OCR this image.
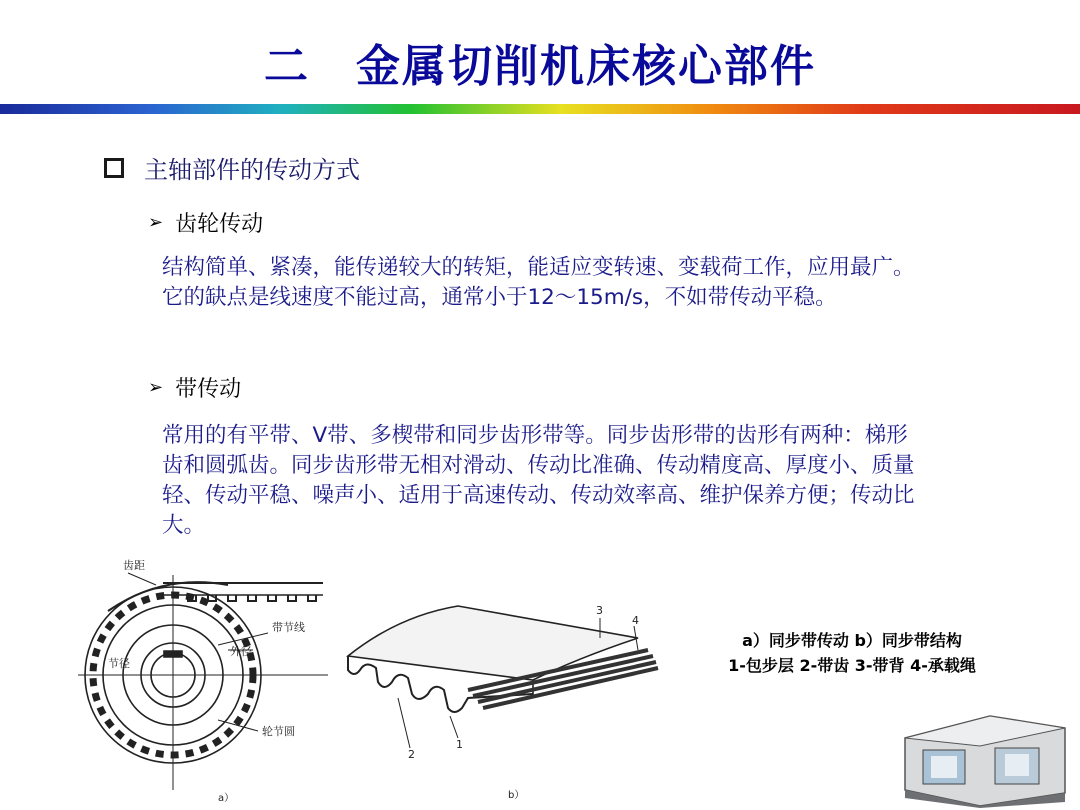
二　金属切削机床核心部件
主轴部件的传动方式
➢ 齿轮传动
结构简单、紧凑，能传递较大的转矩，能适应变转速、变载荷工作，应用最广。它的缺点是线速度不能过高，通常小于12～15m/s，不如带传动平稳。
➢ 带传动
常用的有平带、V带、多楔带和同步齿形带等。同步齿形带的齿形有两种：梯形齿和圆弧齿。同步齿形带无相对滑动、传动比准确、传动精度高、厚度小、质量轻、传动平稳、噪声小、适用于高速传动、传动效率高、维护保养方便；传动比大。
齿距
带节线
节径
外径
轮节圆
a）
1
2
3
4
b）
a）同步带传动 b）同步带结构
1-包步层 2-带齿 3-带背 4-承载绳
